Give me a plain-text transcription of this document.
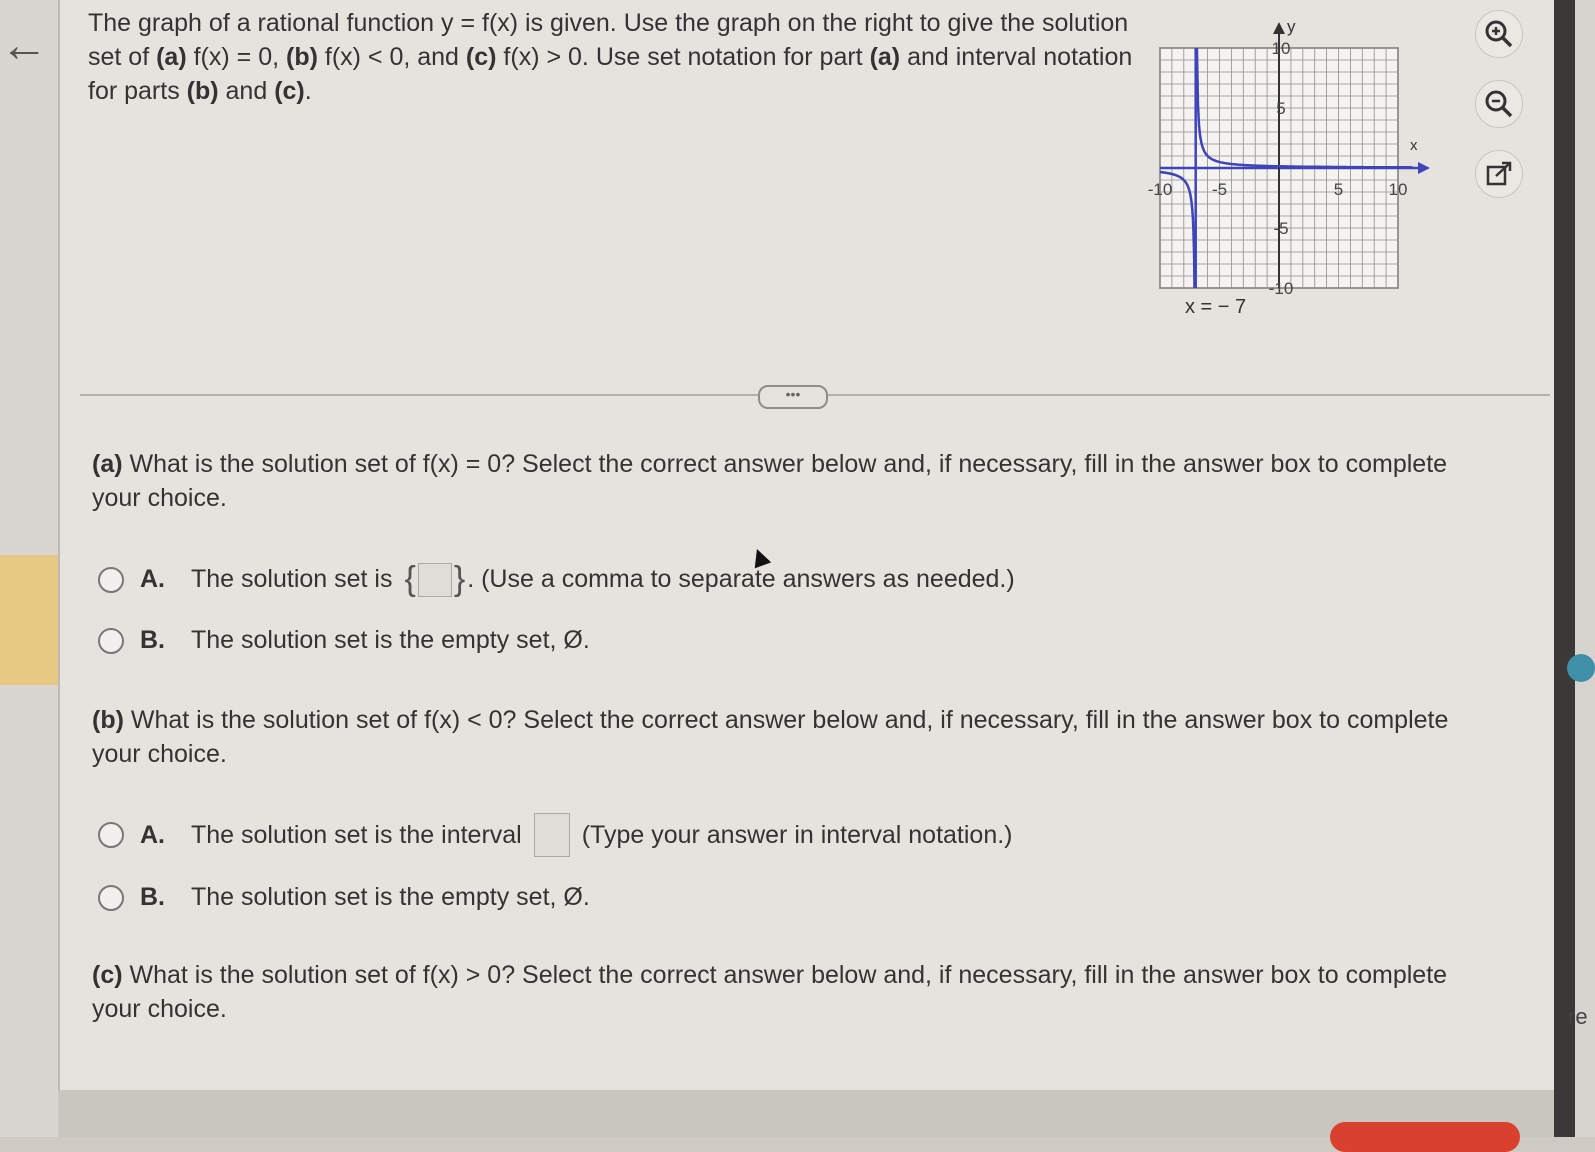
← The graph of a rational function y = f(x) is given. Use the graph on the right to give the solution set of (a) f(x) = 0, (b) f(x) < 0, and (c) f(x) > 0. Use set notation for part (a) and interval notation for parts (b) and (c).
y
x
-10 -5	5	10
10
5
-5
-10
x = − 7
•••
(a) What is the solution set of f(x) = 0? Select the correct answer below and, if necessary, fill in the answer box to complete your choice.
A. The solution set is { } . (Use a comma to separate answers as needed.)
B. The solution set is the empty set, Ø.
(b) What is the solution set of f(x) < 0? Select the correct answer below and, if necessary, fill in the answer box to complete your choice.
A. The solution set is the interval (Type your answer in interval notation.)
B. The solution set is the empty set, Ø.
(c) What is the solution set of f(x) > 0? Select the correct answer below and, if necessary, fill in the answer box to complete your choice.
▲
re
